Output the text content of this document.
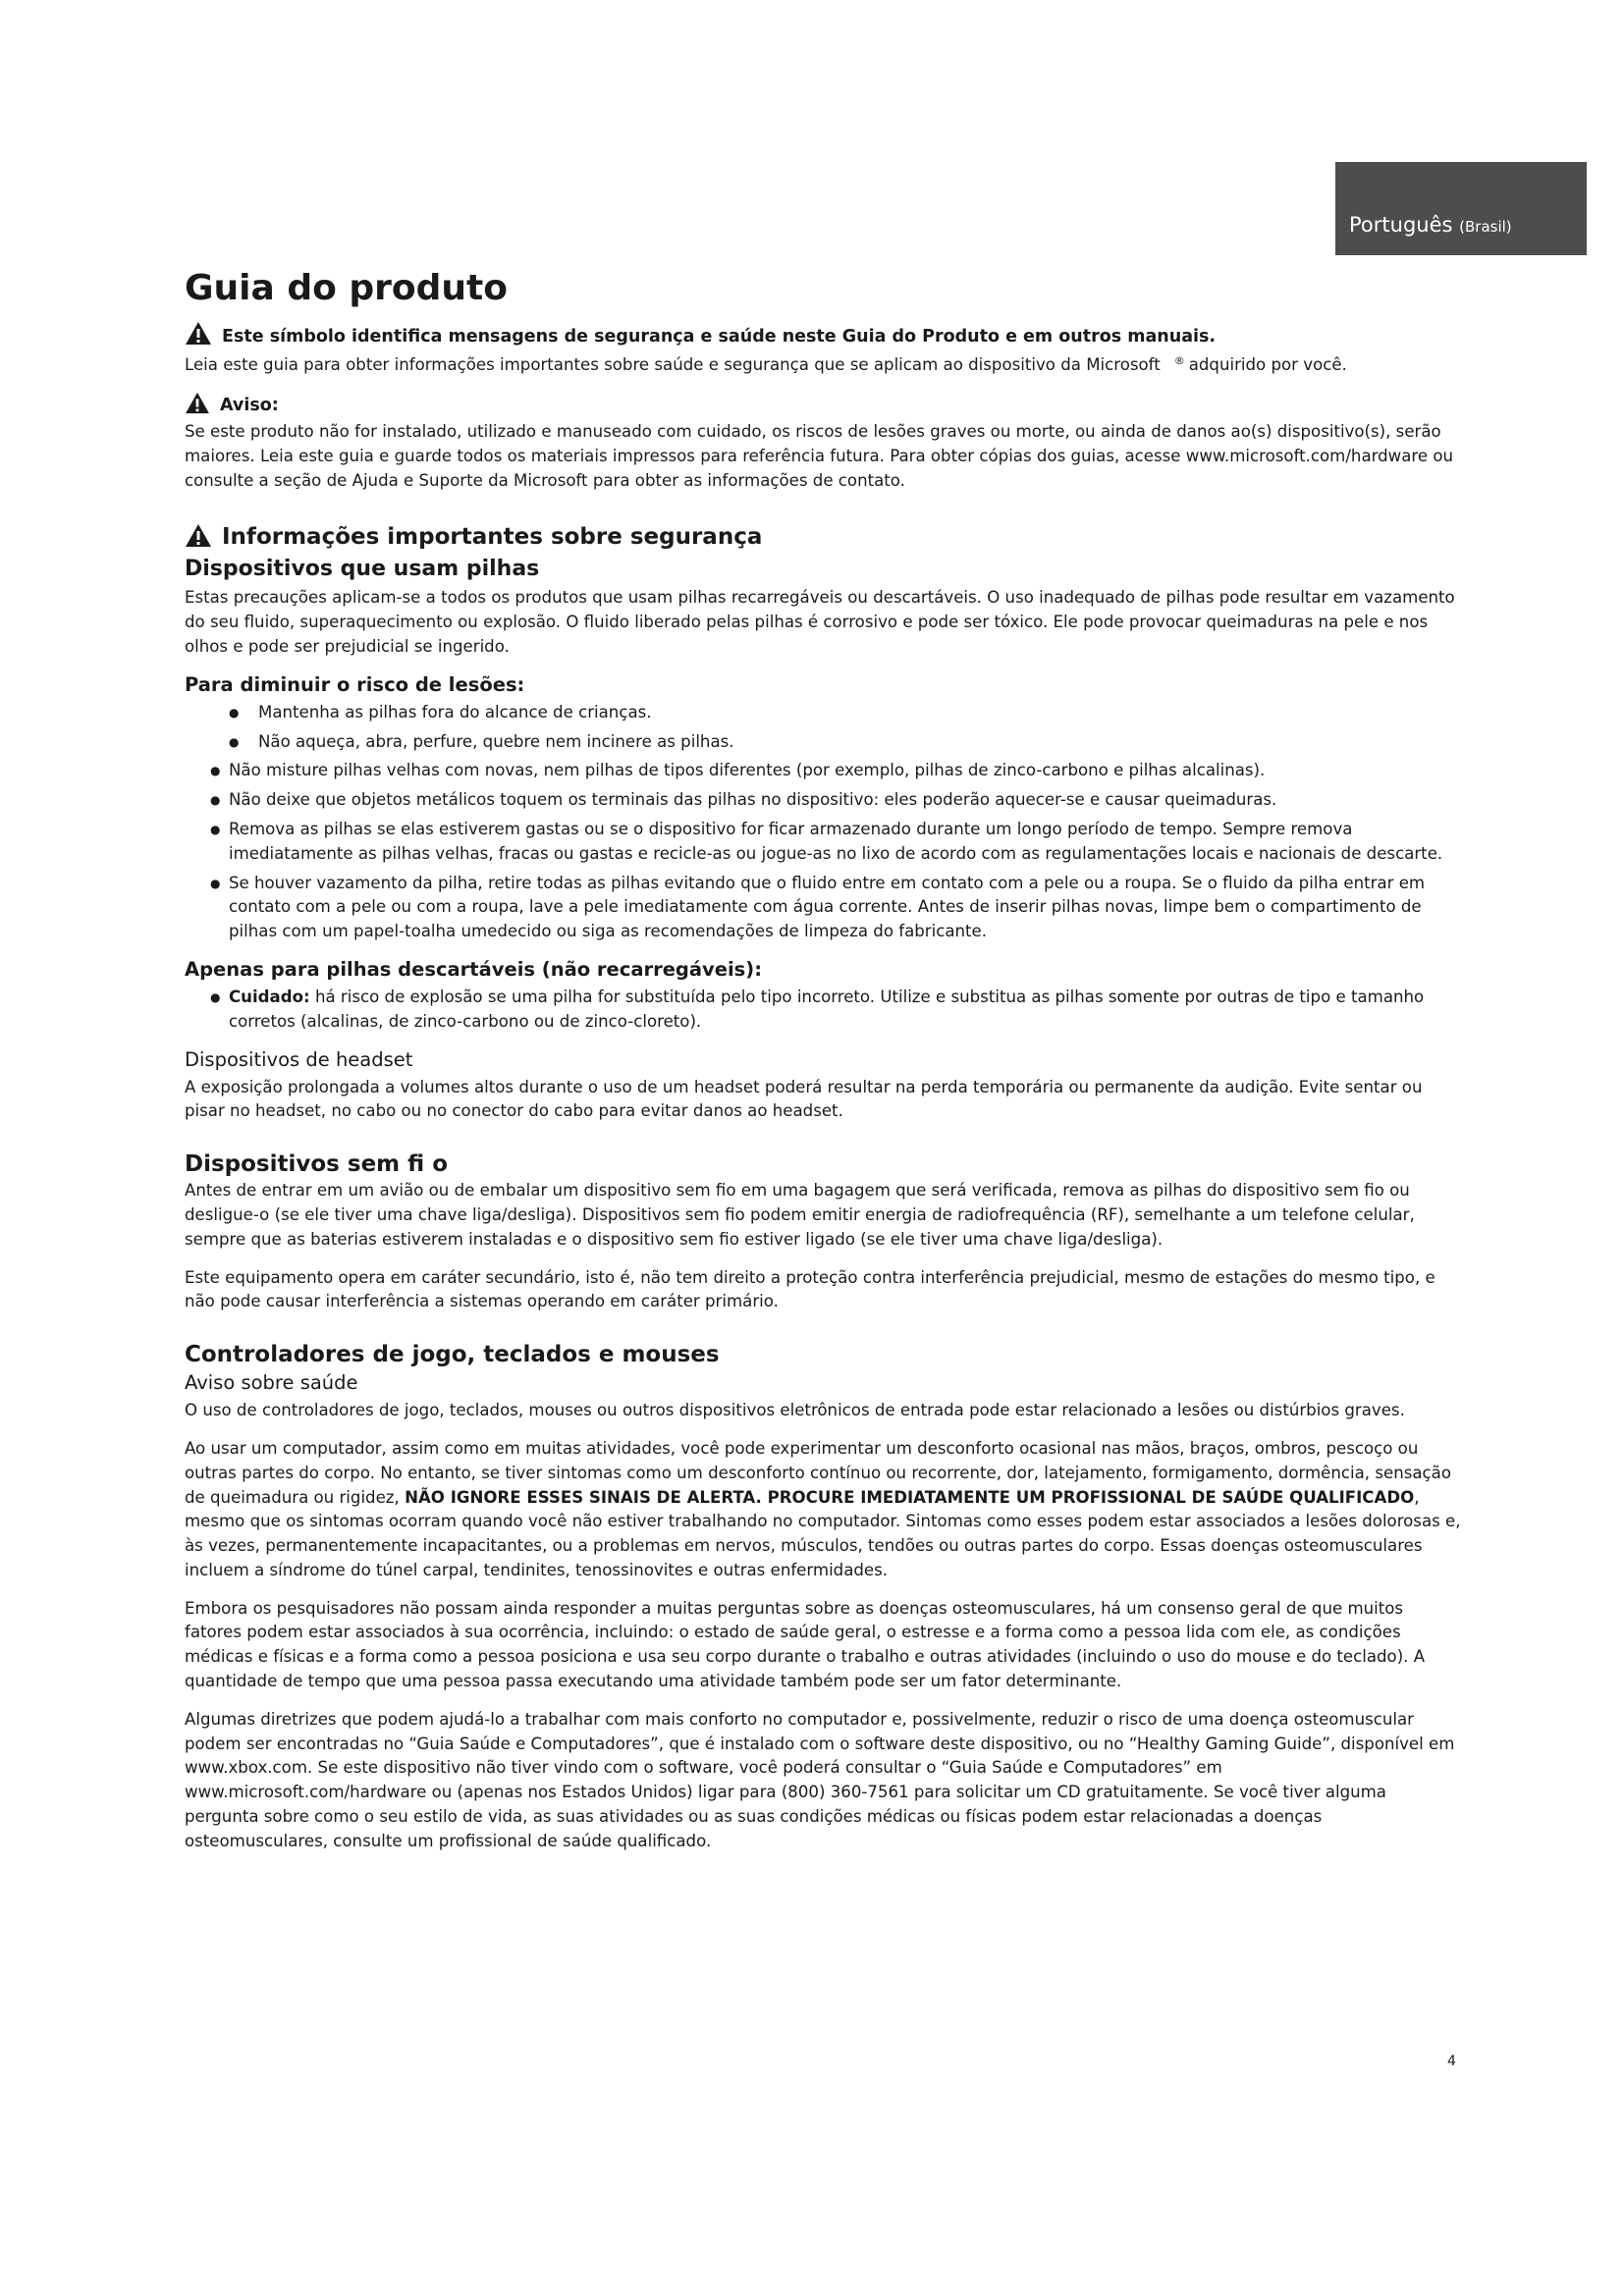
Português (Brasil)
Guia do produto

Este símbolo identifica mensagens de segurança e saúde neste Guia do Produto e em outros manuais.

Leia este guia para obter informações importantes sobre saúde e segurança que se aplicam ao dispositivo da Microsoft ® adquirido por você.

Aviso:

Se este produto não for instalado, utilizado e manuseado com cuidado, os riscos de lesões graves ou morte, ou ainda de danos ao(s) dispositivo(s), serão maiores. Leia este guia e guarde todos os materiais impressos para referência futura. Para obter cópias dos guias, acesse www.microsoft.com/hardware ou consulte a seção de Ajuda e Suporte da Microsoft para obter as informações de contato.

Informações importantes sobre segurança
Dispositivos que usam pilhas

Estas precauções aplicam-se a todos os produtos que usam pilhas recarregáveis ou descartáveis. O uso inadequado de pilhas pode resultar em vazamento do seu fluido, superaquecimento ou explosão. O fluido liberado pelas pilhas é corrosivo e pode ser tóxico. Ele pode provocar queimaduras na pele e nos olhos e pode ser prejudicial se ingerido.

Para diminuir o risco de lesões:
● Mantenha as pilhas fora do alcance de crianças.
● Não aqueça, abra, perfure, quebre nem incinere as pilhas.
● Não misture pilhas velhas com novas, nem pilhas de tipos diferentes (por exemplo, pilhas de zinco-carbono e pilhas alcalinas).
● Não deixe que objetos metálicos toquem os terminais das pilhas no dispositivo: eles poderão aquecer-se e causar queimaduras.
● Remova as pilhas se elas estiverem gastas ou se o dispositivo for ficar armazenado durante um longo período de tempo. Sempre remova imediatamente as pilhas velhas, fracas ou gastas e recicle-as ou jogue-as no lixo de acordo com as regulamentações locais e nacionais de descarte.
● Se houver vazamento da pilha, retire todas as pilhas evitando que o fluido entre em contato com a pele ou a roupa. Se o fluido da pilha entrar em contato com a pele ou com a roupa, lave a pele imediatamente com água corrente. Antes de inserir pilhas novas, limpe bem o compartimento de pilhas com um papel-toalha umedecido ou siga as recomendações de limpeza do fabricante.
Apenas para pilhas descartáveis (não recarregáveis):
● Cuidado: há risco de explosão se uma pilha for substituída pelo tipo incorreto. Utilize e substitua as pilhas somente por outras de tipo e tamanho corretos (alcalinas, de zinco-carbono ou de zinco-cloreto).
Dispositivos de headset

A exposição prolongada a volumes altos durante o uso de um headset poderá resultar na perda temporária ou permanente da audição. Evite sentar ou pisar no headset, no cabo ou no conector do cabo para evitar danos ao headset.

Dispositivos sem fi o

Antes de entrar em um avião ou de embalar um dispositivo sem fio em uma bagagem que será verificada, remova as pilhas do dispositivo sem fio ou desligue-o (se ele tiver uma chave liga/desliga). Dispositivos sem fio podem emitir energia de radiofrequência (RF), semelhante a um telefone celular, sempre que as baterias estiverem instaladas e o dispositivo sem fio estiver ligado (se ele tiver uma chave liga/desliga).

Este equipamento opera em caráter secundário, isto é, não tem direito a proteção contra interferência prejudicial, mesmo de estações do mesmo tipo, e não pode causar interferência a sistemas operando em caráter primário.

Controladores de jogo, teclados e mouses
Aviso sobre saúde

O uso de controladores de jogo, teclados, mouses ou outros dispositivos eletrônicos de entrada pode estar relacionado a lesões ou distúrbios graves.

Ao usar um computador, assim como em muitas atividades, você pode experimentar um desconforto ocasional nas mãos, braços, ombros, pescoço ou outras partes do corpo. No entanto, se tiver sintomas como um desconforto contínuo ou recorrente, dor, latejamento, formigamento, dormência, sensação de queimadura ou rigidez, NÃO IGNORE ESSES SINAIS DE ALERTA. PROCURE IMEDIATAMENTE UM PROFISSIONAL DE SAÚDE QUALIFICADO, mesmo que os sintomas ocorram quando você não estiver trabalhando no computador. Sintomas como esses podem estar associados a lesões dolorosas e, às vezes, permanentemente incapacitantes, ou a problemas em nervos, músculos, tendões ou outras partes do corpo. Essas doenças osteomusculares incluem a síndrome do túnel carpal, tendinites, tenossinovites e outras enfermidades.

Embora os pesquisadores não possam ainda responder a muitas perguntas sobre as doenças osteomusculares, há um consenso geral de que muitos fatores podem estar associados à sua ocorrência, incluindo: o estado de saúde geral, o estresse e a forma como a pessoa lida com ele, as condições médicas e físicas e a forma como a pessoa posiciona e usa seu corpo durante o trabalho e outras atividades (incluindo o uso do mouse e do teclado). A quantidade de tempo que uma pessoa passa executando uma atividade também pode ser um fator determinante.

Algumas diretrizes que podem ajudá-lo a trabalhar com mais conforto no computador e, possivelmente, reduzir o risco de uma doença osteomuscular podem ser encontradas no “Guia Saúde e Computadores”, que é instalado com o software deste dispositivo, ou no “Healthy Gaming Guide”, disponível em www.xbox.com. Se este dispositivo não tiver vindo com o software, você poderá consultar o “Guia Saúde e Computadores” em www.microsoft.com/hardware ou (apenas nos Estados Unidos) ligar para (800) 360-7561 para solicitar um CD gratuitamente. Se você tiver alguma pergunta sobre como o seu estilo de vida, as suas atividades ou as suas condições médicas ou físicas podem estar relacionadas a doenças osteomusculares, consulte um profissional de saúde qualificado.

4
